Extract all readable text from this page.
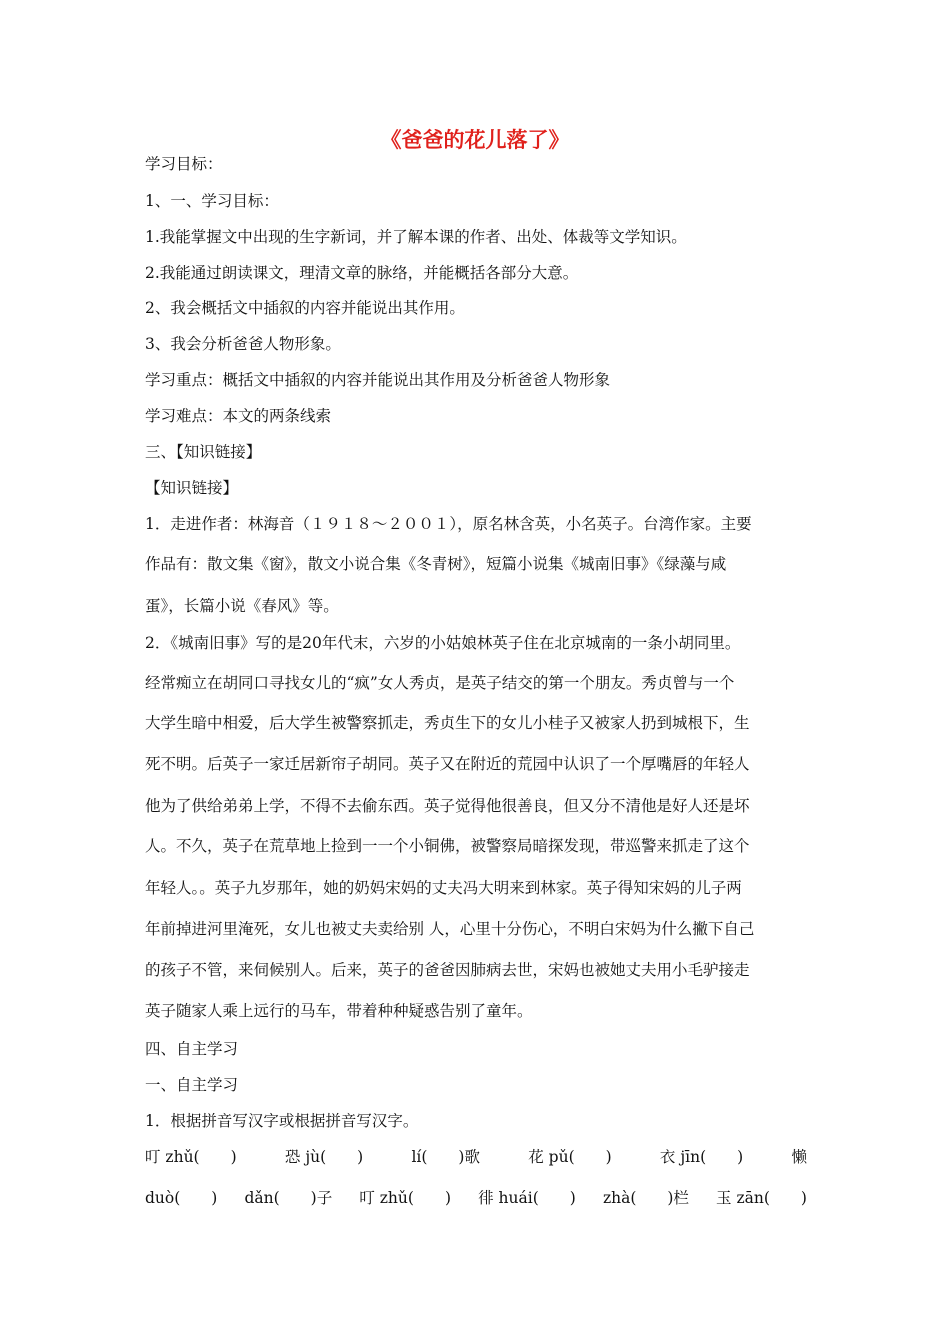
《爸爸的花儿落了》
学习目标：
1、一、学习目标：
1.我能掌握文中出现的生字新词，并了解本课的作者、出处、体裁等文学知识。
2.我能通过朗读课文，理清文章的脉络，并能概括各部分大意。
2、我会概括文中插叙的内容并能说出其作用。
3、我会分析爸爸人物形象。
学习重点：概括文中插叙的内容并能说出其作用及分析爸爸人物形象
学习难点：本文的两条线索
三、【知识链接】
【知识链接】
1．走进作者：林海音（１９１８～２００１），原名林含英，小名英子。台湾作家。主要
作品有：散文集《窗》，散文小说合集《冬青树》，短篇小说集《城南旧事》《绿藻与咸
蛋》，长篇小说《春风》等。
2．《城南旧事》写的是20年代末，六岁的小姑娘林英子住在北京城南的一条小胡同里。
经常痴立在胡同口寻找女儿的“疯”女人秀贞，是英子结交的第一个朋友。秀贞曾与一个
大学生暗中相爱，后大学生被警察抓走，秀贞生下的女儿小桂子又被家人扔到城根下，生
死不明。后英子一家迁居新帘子胡同。英子又在附近的荒园中认识了一个厚嘴唇的年轻人
他为了供给弟弟上学，不得不去偷东西。英子觉得他很善良，但又分不清他是好人还是坏
人。不久，英子在荒草地上捡到一一个小铜佛，被警察局暗探发现，带巡警来抓走了这个
年轻人。。英子九岁那年，她的奶妈宋妈的丈夫冯大明来到林家。英子得知宋妈的儿子两
年前掉进河里淹死，女儿也被丈夫卖给别 人，心里十分伤心，不明白宋妈为什么撇下自己
的孩子不管，来伺候别人。后来，英子的爸爸因肺病去世，宋妈也被她丈夫用小毛驴接走
英子随家人乘上远行的马车，带着种种疑惑告别了童年。
四、自主学习
一、自主学习
1．根据拼音写汉字或根据拼音写汉字。
叮 zhǔ(　　)	恐 jù(　　)	lí(　　)歌	花 pǔ(　　)	衣 jīn(　　)	懒
duò(　　) dǎn(　　)子 叮 zhǔ(　　) 徘 huái(　　) zhà(　　)栏 玉 zān(　　)
